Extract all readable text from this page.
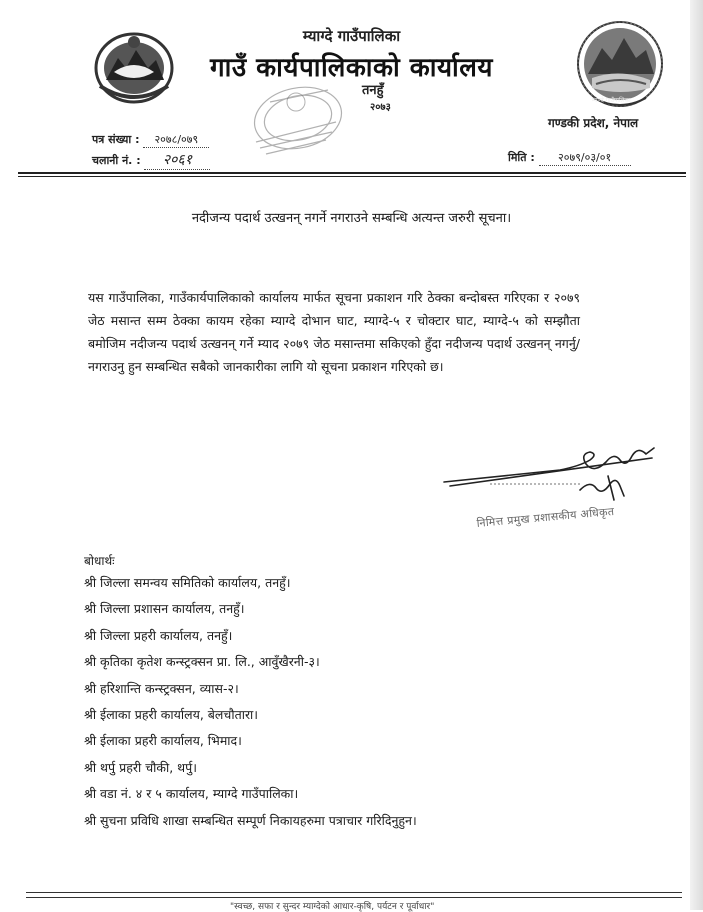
म्याग्दे गाउँपालिका
म्याग्दे गाउँपालिका
गाउँ कार्यपालिकाको कार्यालय
तनहुँ
२०७३
गण्डकी प्रदेश, नेपाल
पत्र संख्या : २०७८/०७९
चलानी नं. : २०६१	मिति : २०७९/०३/०१
नदीजन्य पदार्थ उत्खनन् नगर्ने नगराउने सम्बन्धि अत्यन्त जरुरी सूचना।
यस गाउँपालिका, गाउँकार्यपालिकाको कार्यालय मार्फत सूचना प्रकाशन गरि ठेक्का बन्दोबस्त गरिएका र २०७९ जेठ मसान्त सम्म ठेक्का कायम रहेका म्याग्दे दोभान घाट, म्याग्दे-५ र चोक्टार घाट, म्याग्दे-५ को सम्झौता बमोजिम नदीजन्य पदार्थ उत्खनन् गर्ने म्याद २०७९ जेठ मसान्तमा सकिएको हुँदा नदीजन्य पदार्थ उत्खनन् नगर्नु/नगराउनु हुन सम्बन्धित सबैको जानकारीका लागि यो सूचना प्रकाशन गरिएको छ।
निमित्त प्रमुख प्रशासकीय अधिकृत
बोधार्थः
श्री जिल्ला समन्वय समितिको कार्यालय, तनहुँ।
श्री जिल्ला प्रशासन कार्यालय, तनहुँ।
श्री जिल्ला प्रहरी कार्यालय, तनहुँ।
श्री कृतिका कृतेश कन्स्ट्रक्सन प्रा. लि., आवुँखैरनी-३।
श्री हरिशान्ति कन्स्ट्रक्सन, व्यास-२।
श्री ईलाका प्रहरी कार्यालय, बेलचौतारा।
श्री ईलाका प्रहरी कार्यालय, भिमाद।
श्री थर्पु प्रहरी चौकी, थर्पु।
श्री वडा नं. ४ र ५ कार्यालय, म्याग्दे गाउँपालिका।
श्री सुचना प्रविधि शाखा सम्बन्धित सम्पूर्ण निकायहरुमा पत्राचार गरिदिनुहुन।
"स्वच्छ, सफा र सुन्दर म्याग्देको आधार-कृषि, पर्यटन र पूर्वाधार"
